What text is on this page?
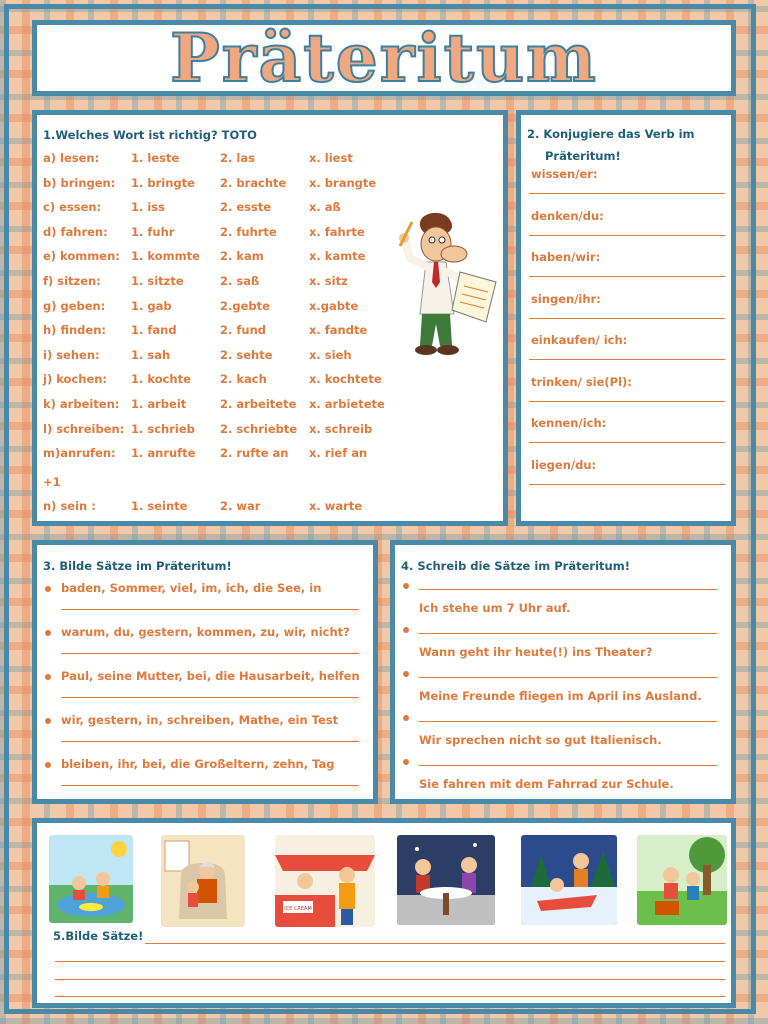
Präteritum
1.Welches Wort ist richtig? TOTO
a) lesen:	1. leste	2. las	x. liest
b) bringen: 1. bringte 2. brachte x. brangte
c) essen:	1. iss	2. esste	x. aß
d) fahren: 1. fuhr	2. fuhrte	x. fahrte
e) kommen: 1. kommte 2. kam	x. kamte
f) sitzen:	1. sitzte	2. saß	x. sitz
g) geben: 1. gab	2.gebte	x.gabte
h) finden: 1. fand	2. fund	x. fandte
i) sehen:	1. sah	2. sehte	x. sieh
j) kochen: 1. kochte	2. kach	x. kochtete
k) arbeiten: 1. arbeit	2. arbeitete x. arbietete
l) schreiben: 1. schrieb 2. schriebte x. schreib
m)anrufen: 1. anrufte 2. rufte an x. rief an
+1
n) sein :	1. seinte	2. war	x. warte
2. Konjugiere das Verb im
Präteritum!
wissen/er:
denken/du:
haben/wir:
singen/ihr:
einkaufen/ ich:
trinken/ sie(Pl):
kennen/ich:
liegen/du:
3. Bilde Sätze im Präteritum!
baden, Sommer, viel, im, ich, die See, in
warum, du, gestern, kommen, zu, wir, nicht?
Paul, seine Mutter, bei, die Hausarbeit, helfen
wir, gestern, in, schreiben, Mathe, ein Test
bleiben, ihr, bei, die Großeltern, zehn, Tag
4. Schreib die Sätze im Präteritum!
Ich stehe um 7 Uhr auf.
Wann geht ihr heute(!) ins Theater?
Meine Freunde fliegen im April ins Ausland.
Wir sprechen nicht so gut Italienisch.
Sie fahren mit dem Fahrrad zur Schule.
ICE CREAM
5.Bilde Sätze!
